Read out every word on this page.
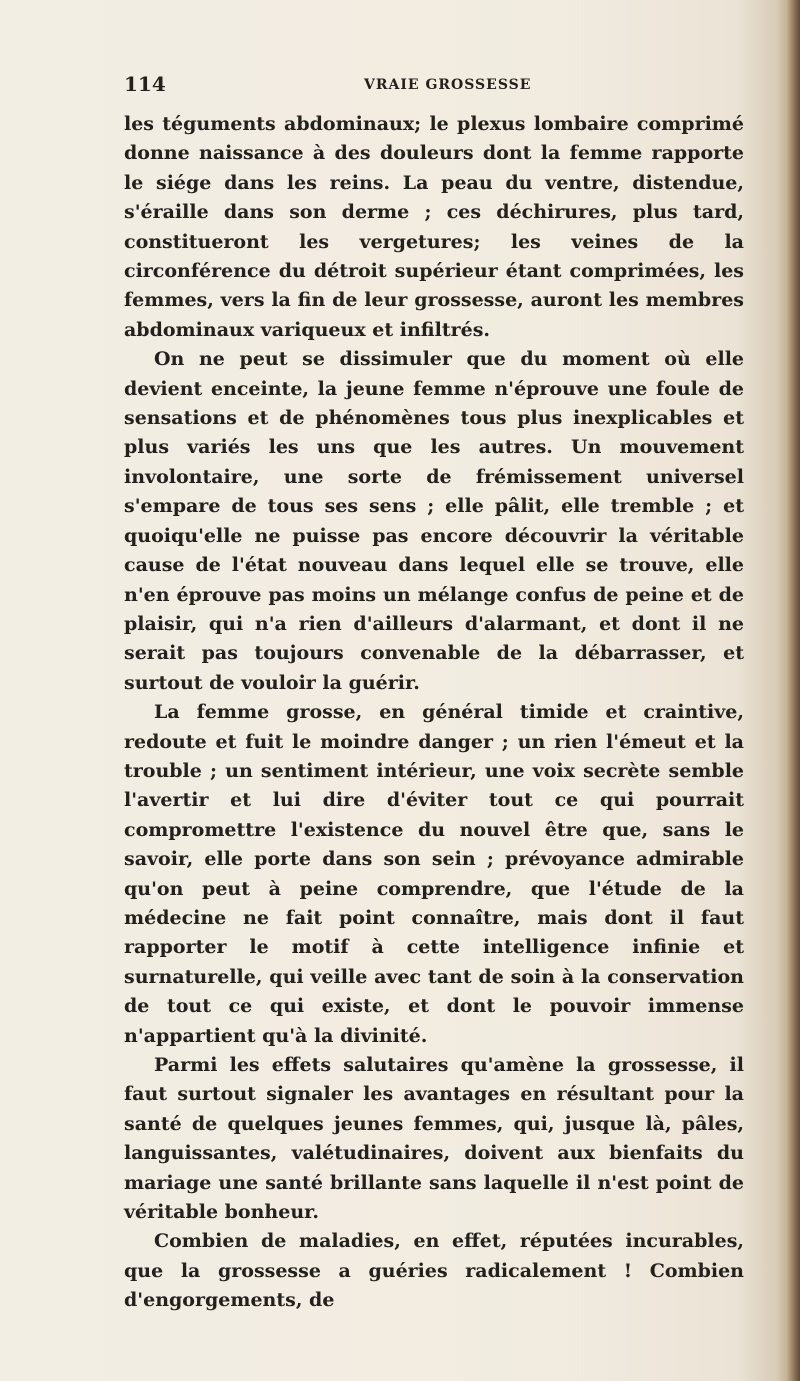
114	VRAIE GROSSESSE

les téguments abdominaux; le plexus lombaire comprimé donne naissance à des douleurs dont la femme rapporte le siége dans les reins. La peau du ventre, distendue, s'éraille dans son derme ; ces déchirures, plus tard, constitueront les vergetures; les veines de la circonférence du détroit supérieur étant comprimées, les femmes, vers la fin de leur grossesse, auront les membres abdominaux variqueux et infiltrés.

On ne peut se dissimuler que du moment où elle devient enceinte, la jeune femme n'éprouve une foule de sensations et de phénomènes tous plus inexplicables et plus variés les uns que les autres. Un mouvement involontaire, une sorte de frémissement universel s'empare de tous ses sens ; elle pâlit, elle tremble ; et quoiqu'elle ne puisse pas encore découvrir la véritable cause de l'état nouveau dans lequel elle se trouve, elle n'en éprouve pas moins un mélange confus de peine et de plaisir, qui n'a rien d'ailleurs d'alarmant, et dont il ne serait pas toujours convenable de la débarrasser, et surtout de vouloir la guérir.

La femme grosse, en général timide et craintive, redoute et fuit le moindre danger ; un rien l'émeut et la trouble ; un sentiment intérieur, une voix secrète semble l'avertir et lui dire d'éviter tout ce qui pourrait compromettre l'existence du nouvel être que, sans le savoir, elle porte dans son sein ; prévoyance admirable qu'on peut à peine comprendre, que l'étude de la médecine ne fait point connaître, mais dont il faut rapporter le motif à cette intelligence infinie et surnaturelle, qui veille avec tant de soin à la conservation de tout ce qui existe, et dont le pouvoir immense n'appartient qu'à la divinité.

Parmi les effets salutaires qu'amène la grossesse, il faut surtout signaler les avantages en résultant pour la santé de quelques jeunes femmes, qui, jusque là, pâles, languissantes, valétudinaires, doivent aux bienfaits du mariage une santé brillante sans laquelle il n'est point de véritable bonheur.

Combien de maladies, en effet, réputées incurables, que la grossesse a guéries radicalement ! Combien d'engorgements, de
